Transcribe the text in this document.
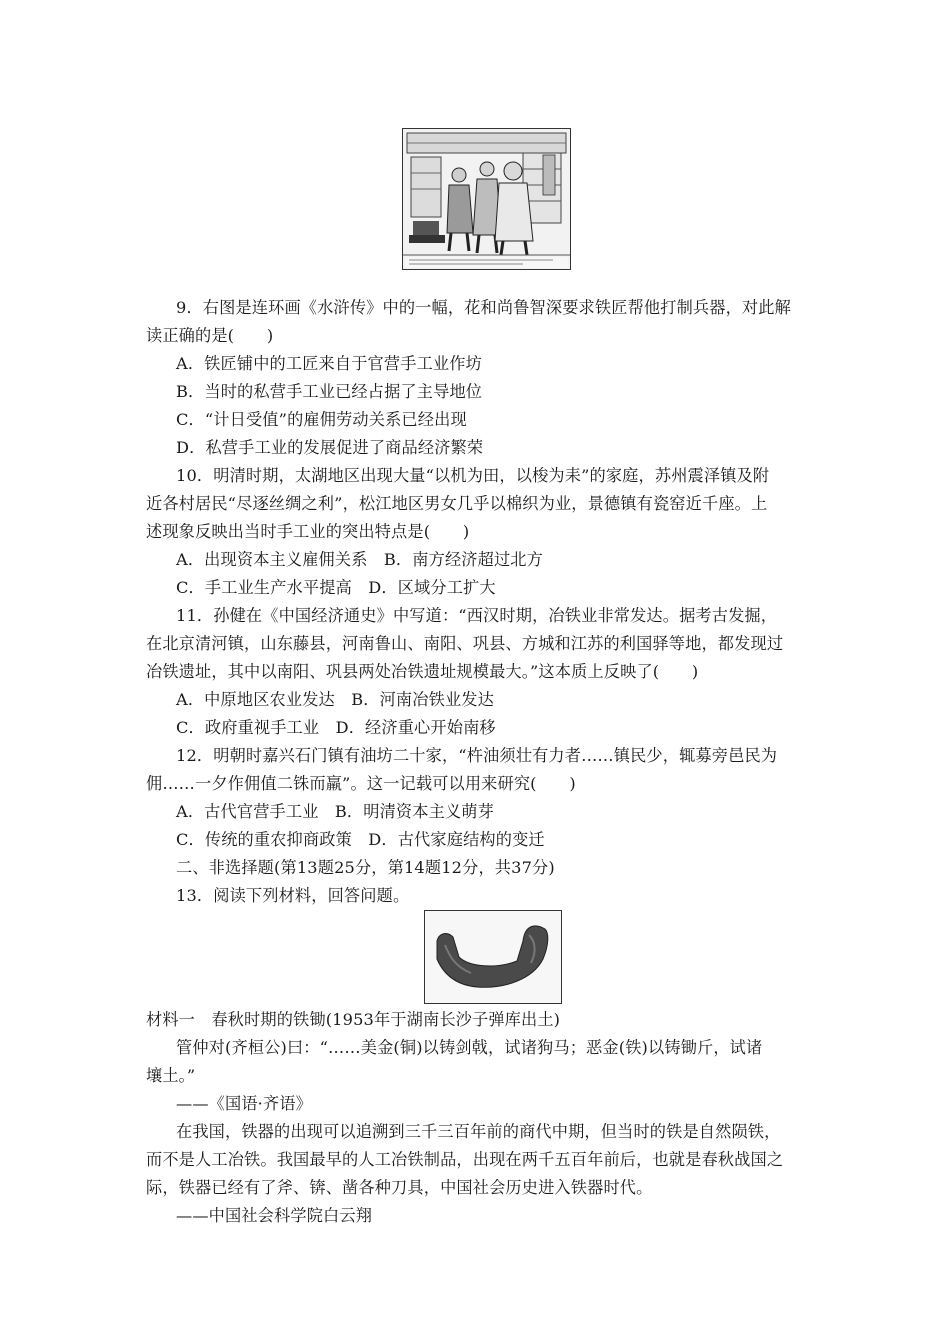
9．右图是连环画《水浒传》中的一幅，花和尚鲁智深要求铁匠帮他打制兵器，对此解
读正确的是(　　)
A．铁匠铺中的工匠来自于官营手工业作坊
B．当时的私营手工业已经占据了主导地位
C．“计日受值”的雇佣劳动关系已经出现
D．私营手工业的发展促进了商品经济繁荣
10．明清时期，太湖地区出现大量“以机为田，以梭为耒”的家庭，苏州震泽镇及附
近各村居民“尽逐丝绸之利”，松江地区男女几乎以棉织为业，景德镇有瓷窑近千座。上
述现象反映出当时手工业的突出特点是(　　)
A．出现资本主义雇佣关系　B．南方经济超过北方
C．手工业生产水平提高　D．区域分工扩大
11．孙健在《中国经济通史》中写道：“西汉时期，冶铁业非常发达。据考古发掘，
在北京清河镇，山东藤县，河南鲁山、南阳、巩县、方城和江苏的利国驿等地，都发现过
冶铁遗址，其中以南阳、巩县两处冶铁遗址规模最大。”这本质上反映了(　　)
A．中原地区农业发达　B．河南冶铁业发达
C．政府重视手工业　D．经济重心开始南移
12．明朝时嘉兴石门镇有油坊二十家，“杵油须壮有力者……镇民少，辄募旁邑民为
佣……一夕作佣值二铢而羸”。这一记载可以用来研究(　　)
A．古代官营手工业　B．明清资本主义萌芽
C．传统的重农抑商政策　D．古代家庭结构的变迁
二、非选择题(第13题25分，第14题12分，共37分)
13．阅读下列材料，回答问题。
材料一　春秋时期的铁锄(1953年于湖南长沙子弹库出土)
管仲对(齐桓公)曰：“……美金(铜)以铸剑戟，试诸狗马；恶金(铁)以铸锄斤，试诸
壤土。”
——《国语·齐语》
在我国，铁器的出现可以追溯到三千三百年前的商代中期，但当时的铁是自然陨铁，
而不是人工冶铁。我国最早的人工冶铁制品，出现在两千五百年前后，也就是春秋战国之
际，铁器已经有了斧、锛、凿各种刀具，中国社会历史进入铁器时代。
——中国社会科学院白云翔
